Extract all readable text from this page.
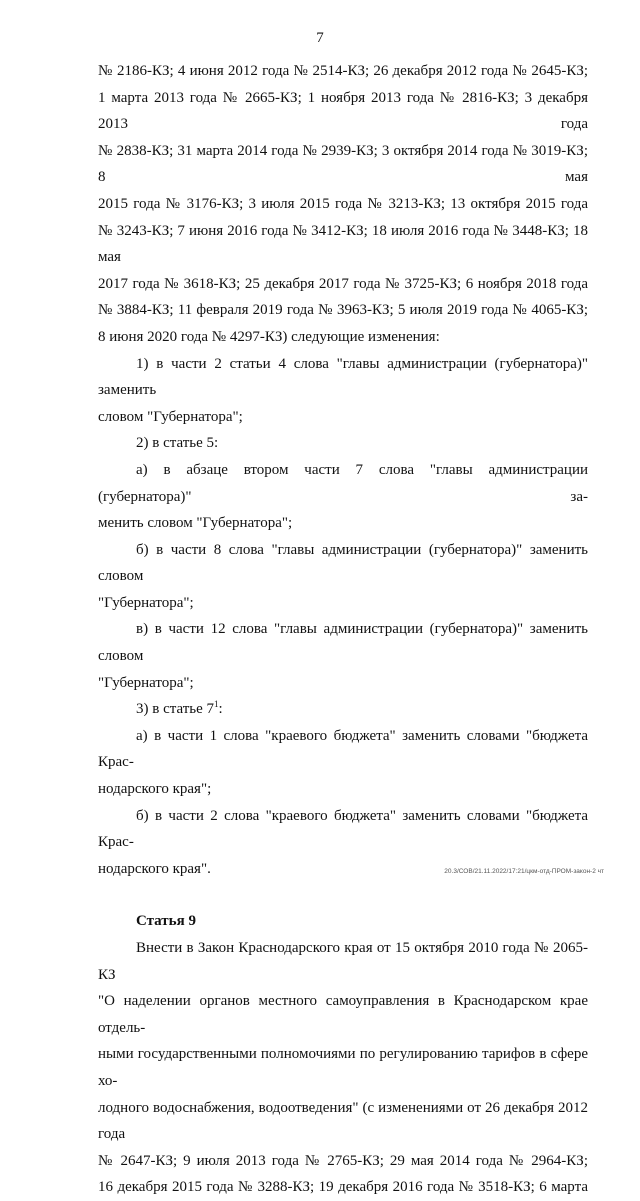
7

№ 2186-КЗ; 4 июня 2012 года № 2514-КЗ; 26 декабря 2012 года № 2645-КЗ;

1 марта 2013 года № 2665-КЗ; 1 ноября 2013 года № 2816-КЗ; 3 декабря 2013 года

№ 2838-КЗ; 31 марта 2014 года № 2939-КЗ; 3 октября 2014 года № 3019-КЗ; 8 мая

2015 года № 3176-КЗ; 3 июля 2015 года № 3213-КЗ; 13 октября 2015 года

№ 3243-КЗ; 7 июня 2016 года № 3412-КЗ; 18 июля 2016 года № 3448-КЗ; 18 мая

2017 года № 3618-КЗ; 25 декабря 2017 года № 3725-КЗ; 6 ноября 2018 года

№ 3884-КЗ; 11 февраля 2019 года № 3963-КЗ; 5 июля 2019 года № 4065-КЗ;

8 июня 2020 года № 4297-КЗ) следующие изменения:

1) в части 2 статьи 4 слова "главы администрации (губернатора)" заменить

словом "Губернатора";

2) в статье 5:

а) в абзаце втором части 7 слова "главы администрации (губернатора)" за-

менить словом "Губернатора";

б) в части 8 слова "главы администрации (губернатора)" заменить словом

"Губернатора";

в) в части 12 слова "главы администрации (губернатора)" заменить словом

"Губернатора";

3) в статье $7^1$:

а) в части 1 слова "краевого бюджета" заменить словами "бюджета Крас-

нодарского края";

б) в части 2 слова "краевого бюджета" заменить словами "бюджета Крас-

нодарского края".

Статья 9

Внести в Закон Краснодарского края от 15 октября 2010 года № 2065-КЗ

"О наделении органов местного самоуправления в Краснодарском крае отдель-

ными государственными полномочиями по регулированию тарифов в сфере хо-

лодного водоснабжения, водоотведения" (с изменениями от 26 декабря 2012 года

№ 2647-КЗ; 9 июля 2013 года № 2765-КЗ; 29 мая 2014 года № 2964-КЗ;

16 декабря 2015 года № 3288-КЗ; 19 декабря 2016 года № 3518-КЗ; 6 марта

20.3/СОВ/21.11.2022/17:21/цкм-отд-ПРОМ-закон-2 чт
